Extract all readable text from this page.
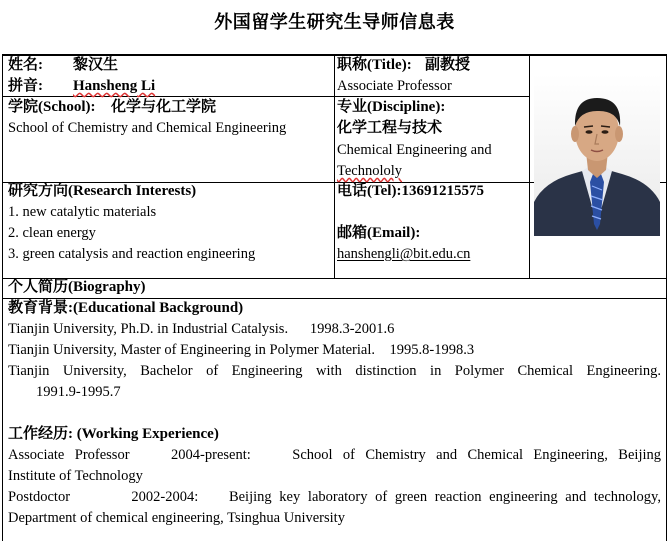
外国留学生研究生导师信息表
姓名: 黎汉生
拼音: Hansheng Li
职称(Title): 副教授
Associate Professor
学院(School): 化学与化工学院
School of Chemistry and Chemical Engineering
专业(Discipline):
化学工程与技术
Chemical Engineering and
Technololy
研究方向(Research Interests)
1. new catalytic materials
2. clean energy
3. green catalysis and reaction engineering
电话(Tel):13691215575
邮箱(Email):
hanshengli@bit.edu.cn
个人简历(Biography)
教育背景:(Educational Background)
Tianjin University, Ph.D. in Industrial Catalysis.      1998.3-2001.6
Tianjin University, Master of Engineering in Polymer Material.    1995.8-1998.3
Tianjin University, Bachelor of Engineering with distinction in Polymer Chemical Engineering.
1991.9-1995.7
工作经历: (Working Experience)
Associate Professor    2004-present:    School of Chemistry and Chemical Engineering, Beijing
Institute of Technology
Postdoctor        2002-2004:    Beijing key laboratory of green reaction engineering and technology,
Department of chemical engineering, Tsinghua University
